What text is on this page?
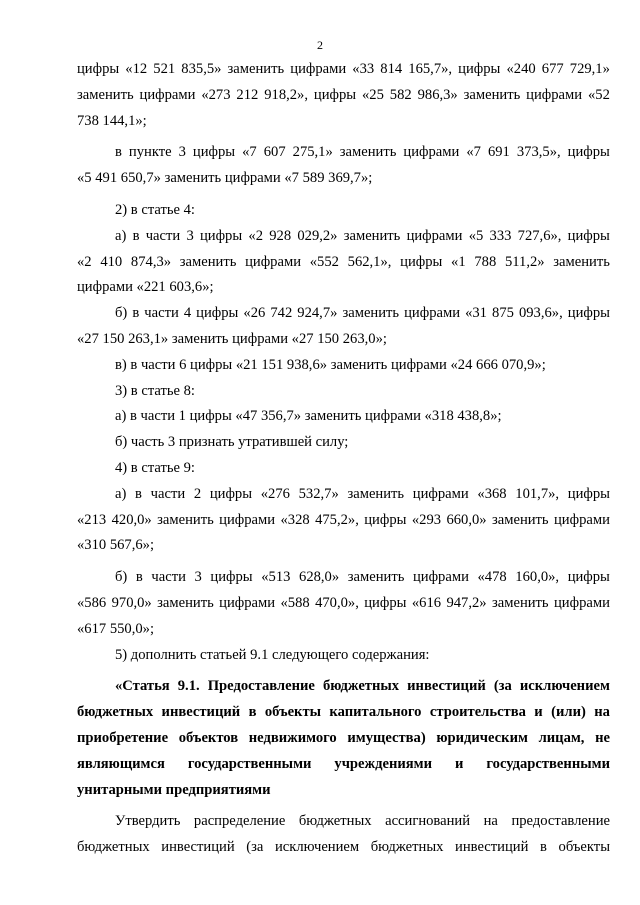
2
цифры «12 521 835,5» заменить цифрами «33 814 165,7», цифры «240 677 729,1»
заменить цифрами «273 212 918,2», цифры «25 582 986,3» заменить цифрами «52
738 144,1»;
в пункте 3 цифры «7 607 275,1» заменить цифрами «7 691 373,5», цифры
«5 491 650,7» заменить цифрами «7 589 369,7»;
2) в статье 4:
а) в части 3 цифры «2 928 029,2» заменить цифрами «5 333 727,6», цифры
«2 410 874,3» заменить цифрами «552 562,1», цифры «1 788 511,2» заменить
цифрами «221 603,6»;
б) в части 4 цифры «26 742 924,7» заменить цифрами «31 875 093,6», цифры
«27 150 263,1» заменить цифрами «27 150 263,0»;
в) в части 6 цифры «21 151 938,6» заменить цифрами «24 666 070,9»;
3) в статье 8:
а) в части 1 цифры «47 356,7» заменить цифрами «318 438,8»;
б) часть 3 признать утратившей силу;
4) в статье 9:
а) в части 2 цифры «276 532,7» заменить цифрами «368 101,7», цифры
«213 420,0» заменить цифрами «328 475,2», цифры «293 660,0» заменить цифрами
«310 567,6»;
б) в части 3 цифры «513 628,0» заменить цифрами «478 160,0», цифры
«586 970,0» заменить цифрами «588 470,0», цифры «616 947,2» заменить цифрами
«617 550,0»;
5) дополнить статьей 9.1 следующего содержания:
«Статья 9.1. Предоставление бюджетных инвестиций (за исключением
бюджетных инвестиций в объекты капитального строительства и (или) на
приобретение объектов недвижимого имущества) юридическим лицам, не
являющимся государственными учреждениями и государственными
унитарными предприятиями
Утвердить распределение бюджетных ассигнований на предоставление
бюджетных инвестиций (за исключением бюджетных инвестиций в объекты
